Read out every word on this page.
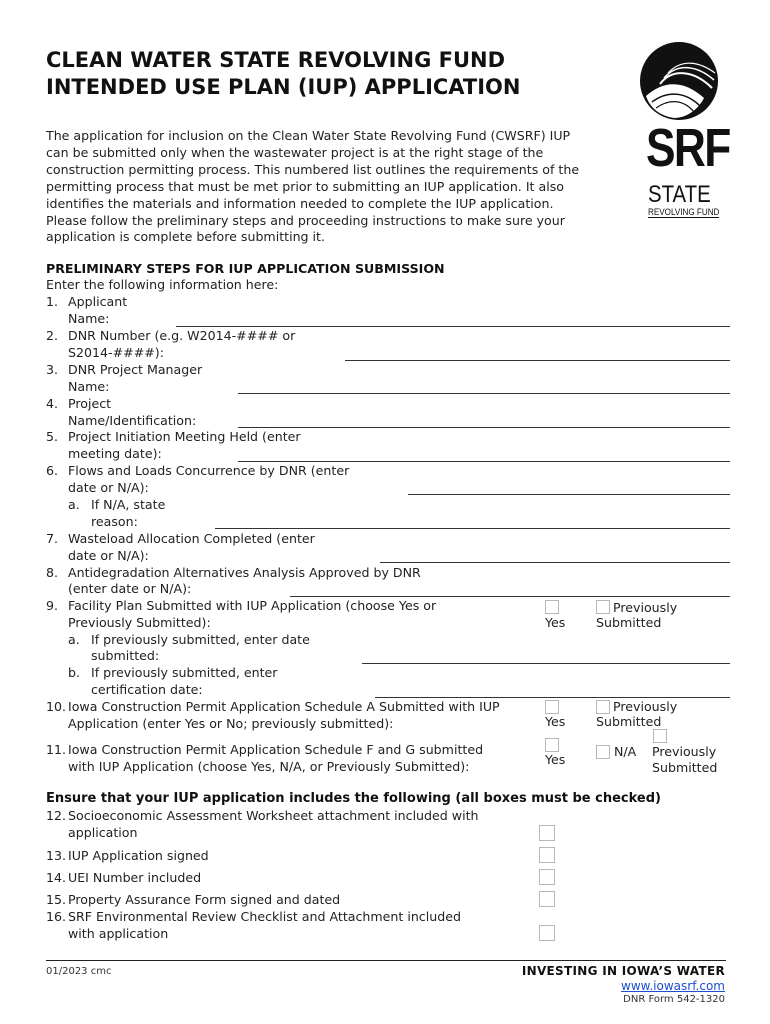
CLEAN WATER STATE REVOLVING FUND
INTENDED USE PLAN (IUP) APPLICATION
SRF
STATE
REVOLVING FUND
The application for inclusion on the Clean Water State Revolving Fund (CWSRF) IUP
can be submitted only when the wastewater project is at the right stage of the
construction permitting process. This numbered list outlines the requirements of the
permitting process that must be met prior to submitting an IUP application. It also
identifies the materials and information needed to complete the IUP application.
Please follow the preliminary steps and proceeding instructions to make sure your
application is complete before submitting it.
PRELIMINARY STEPS FOR IUP APPLICATION SUBMISSION
Enter the following information here:
1. Applicant
Name:
2. DNR Number (e.g. W2014-#### or
S2014-####):
3. DNR Project Manager
Name:
4. Project
Name/Identification:
5. Project Initiation Meeting Held (enter
meeting date):
6. Flows and Loads Concurrence by DNR (enter
date or N/A):
a. If N/A, state
reason:
7. Wasteload Allocation Completed (enter
date or N/A):
8. Antidegradation Alternatives Analysis Approved by DNR
(enter date or N/A):
9. Facility Plan Submitted with IUP Application (choose Yes or
Previously Submitted):	Yes
Previously
Submitted
a. If previously submitted, enter date
submitted:
b. If previously submitted, enter
certification date:
10. Iowa Construction Permit Application Schedule A Submitted with IUP
Application (enter Yes or No; previously submitted):	Yes
Previously
Submitted
11. Iowa Construction Permit Application Schedule F and G submitted
with IUP Application (choose Yes, N/A, or Previously Submitted):	Yes
N/A Previously
Submitted
Ensure that your IUP application includes the following (all boxes must be checked)
12. Socioeconomic Assessment Worksheet attachment included with
application
13. IUP Application signed
14. UEI Number included
15. Property Assurance Form signed and dated
16. SRF Environmental Review Checklist and Attachment included
with application
01/2023 cmc	INVESTING IN IOWA’S WATER
www.iowasrf.com
DNR Form 542-1320
